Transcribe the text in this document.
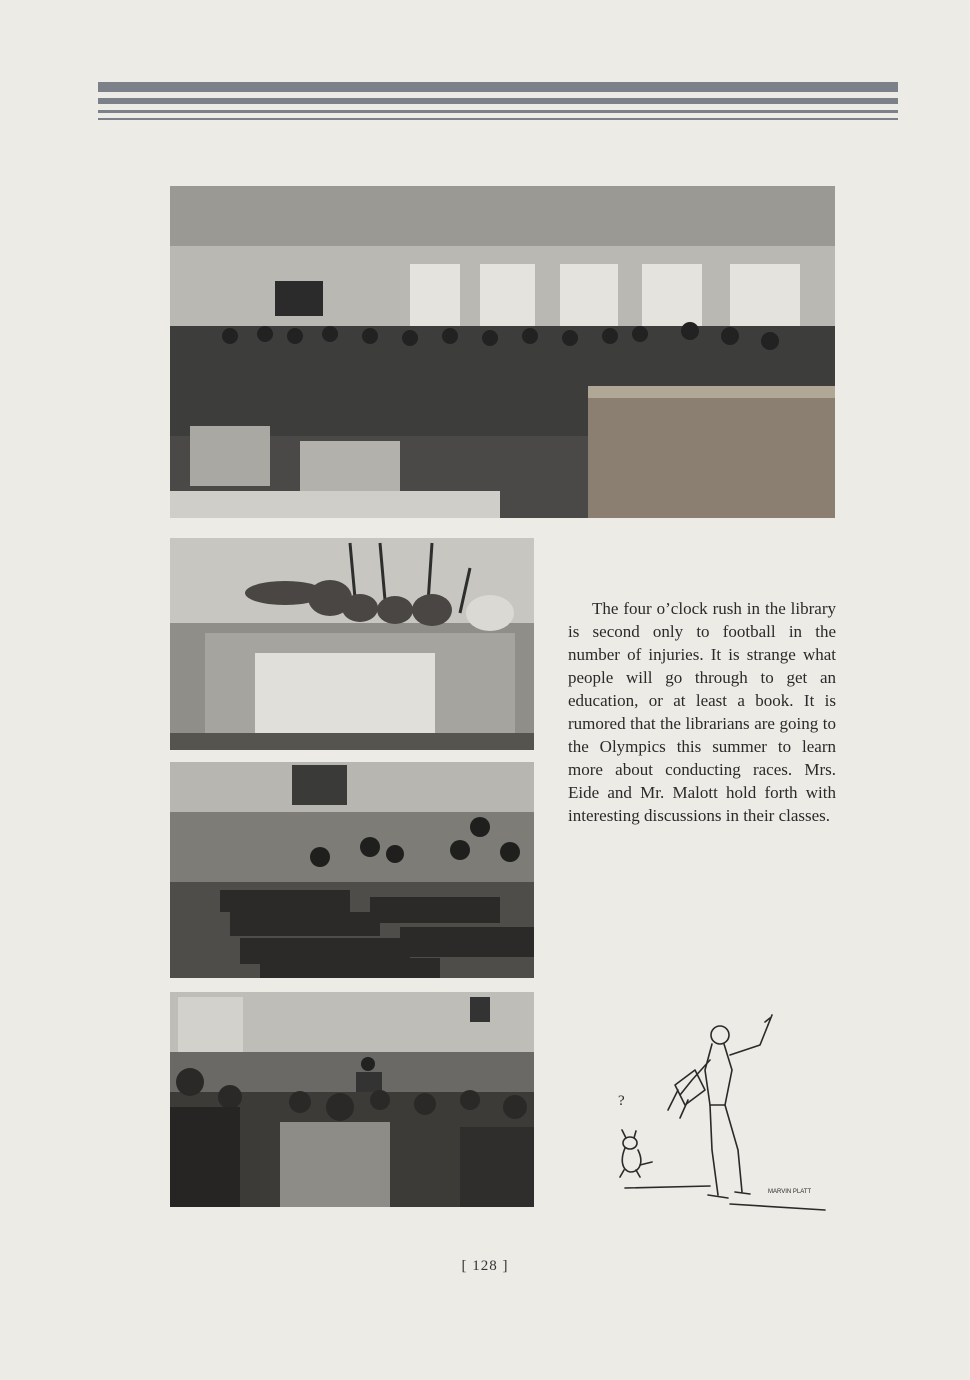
The four o’clock rush in the library is second only to football in the number of injuries. It is strange what people will go through to get an education, or at least a book. It is rumored that the librarians are going to the Olympics this summer to learn more about conducting races. Mrs. Eide and Mr. Malott hold forth with interesting discussions in their classes.

?
MARVIN PLATT
[ 128 ]
